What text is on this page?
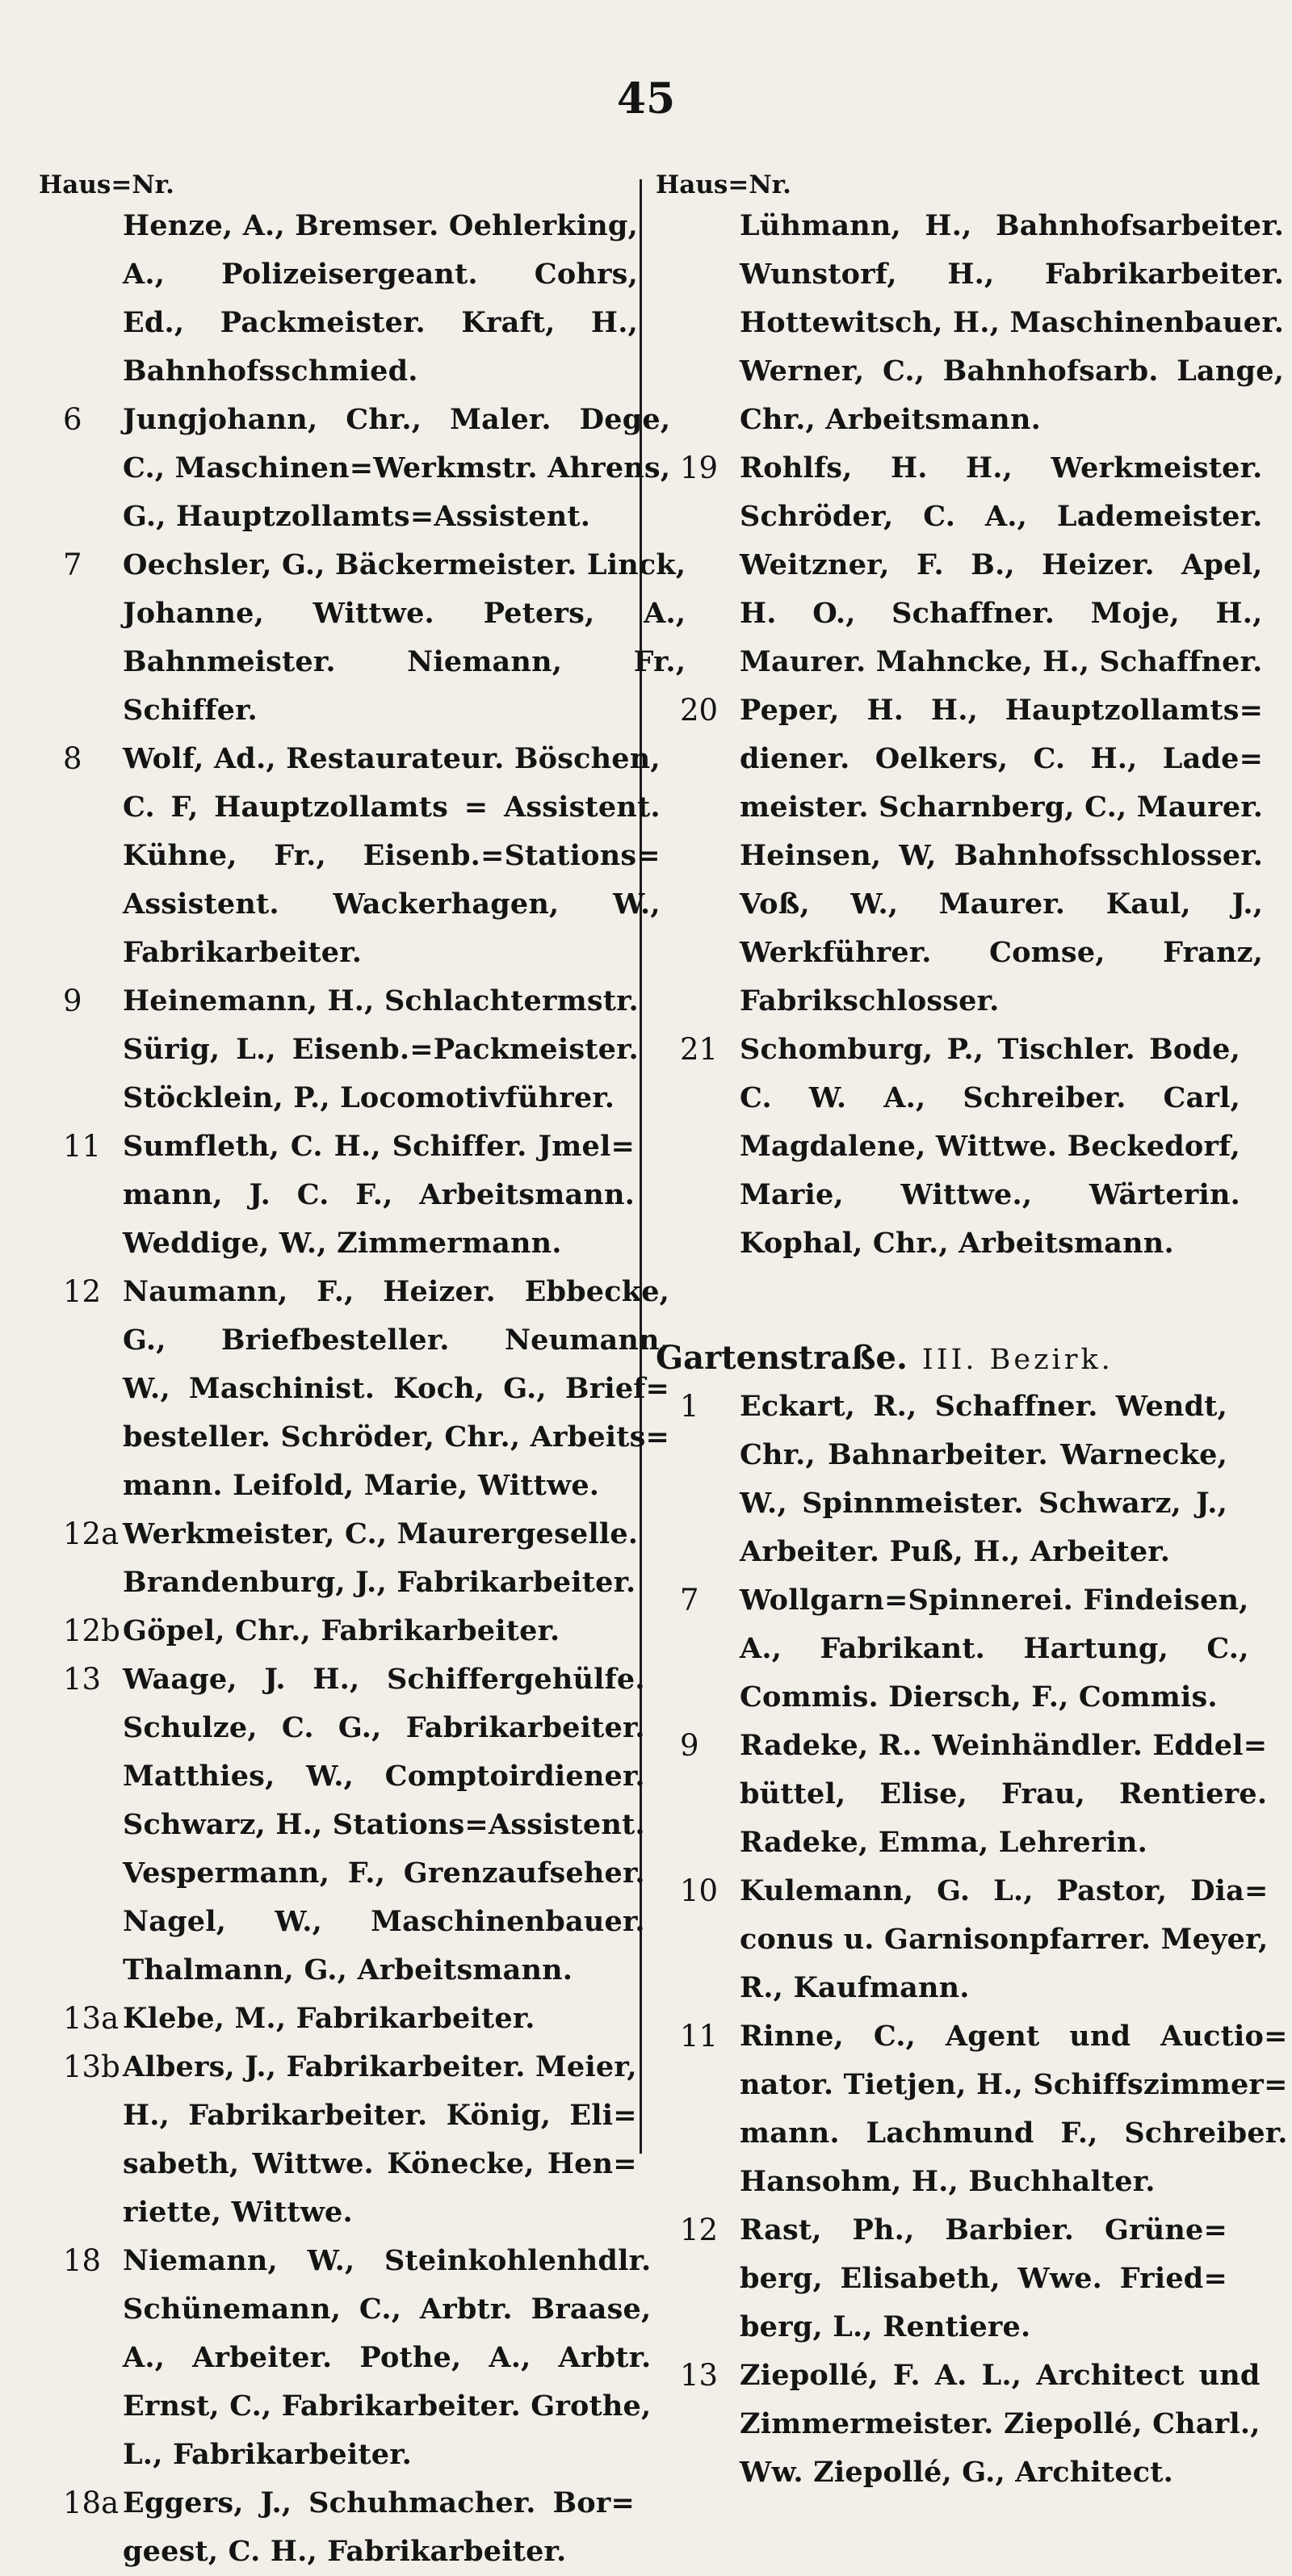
45
Haus=Nr.
Henze, A., Bremser. Oehlerking,
A., Polizeisergeant. Cohrs,
Ed., Packmeister. Kraft, H.,
Bahnhofsschmied.
6	Jungjohann, Chr., Maler. Dege,
C., Maschinen=Werkmstr. Ahrens,
G., Hauptzollamts=Assistent.
7	Oechsler, G., Bäckermeister. Linck,
Johanne, Wittwe. Peters, A.,
Bahnmeister. Niemann, Fr.,
Schiffer.
8	Wolf, Ad., Restaurateur. Böschen,
C. F, Hauptzollamts = Assistent.
Kühne, Fr., Eisenb.=Stations=
Assistent. Wackerhagen, W.,
Fabrikarbeiter.
9	Heinemann, H., Schlachtermstr.
Sürig, L., Eisenb.=Packmeister.
Stöcklein, P., Locomotivführer.
11 Sumfleth, C. H., Schiffer. Jmel=
mann, J. C. F., Arbeitsmann.
Weddige, W., Zimmermann.
12 Naumann, F., Heizer. Ebbecke,
G., Briefbesteller. Neumann,
W., Maschinist. Koch, G., Brief=
besteller. Schröder, Chr., Arbeits=
mann. Leifold, Marie, Wittwe.
12a Werkmeister, C., Maurergeselle.
Brandenburg, J., Fabrikarbeiter.
12b Göpel, Chr., Fabrikarbeiter.
13 Waage, J. H., Schiffergehülfe.
Schulze, C. G., Fabrikarbeiter.
Matthies, W., Comptoirdiener.
Schwarz, H., Stations=Assistent.
Vespermann, F., Grenzaufseher.
Nagel, W., Maschinenbauer.
Thalmann, G., Arbeitsmann.
13a Klebe, M., Fabrikarbeiter.
13b Albers, J., Fabrikarbeiter. Meier,
H., Fabrikarbeiter. König, Eli=
sabeth, Wittwe. Könecke, Hen=
riette, Wittwe.
18 Niemann, W., Steinkohlenhdlr.
Schünemann, C., Arbtr. Braase,
A., Arbeiter. Pothe, A., Arbtr.
Ernst, C., Fabrikarbeiter. Grothe,
L., Fabrikarbeiter.
18a Eggers, J., Schuhmacher. Bor=
geest, C. H., Fabrikarbeiter.
Haus=Nr.
Lühmann, H., Bahnhofsarbeiter.
Wunstorf, H., Fabrikarbeiter.
Hottewitsch, H., Maschinenbauer.
Werner, C., Bahnhofsarb. Lange,
Chr., Arbeitsmann.
19 Rohlfs, H. H., Werkmeister.
Schröder, C. A., Lademeister.
Weitzner, F. B., Heizer. Apel,
H. O., Schaffner. Moje, H.,
Maurer. Mahncke, H., Schaffner.
20 Peper, H. H., Hauptzollamts=
diener. Oelkers, C. H., Lade=
meister. Scharnberg, C., Maurer.
Heinsen, W, Bahnhofsschlosser.
Voß, W., Maurer. Kaul, J.,
Werkführer. Comse, Franz,
Fabrikschlosser.
21 Schomburg, P., Tischler. Bode,
C. W. A., Schreiber. Carl,
Magdalene, Wittwe. Beckedorf,
Marie, Wittwe., Wärterin.
Kophal, Chr., Arbeitsmann.
Gartenstraße. III. Bezirk.
1	Eckart, R., Schaffner. Wendt,
Chr., Bahnarbeiter. Warnecke,
W., Spinnmeister. Schwarz, J.,
Arbeiter. Puß, H., Arbeiter.
7	Wollgarn=Spinnerei. Findeisen,
A., Fabrikant. Hartung, C.,
Commis. Diersch, F., Commis.
9	Radeke, R.. Weinhändler. Eddel=
büttel, Elise, Frau, Rentiere.
Radeke, Emma, Lehrerin.
10 Kulemann, G. L., Pastor, Dia=
conus u. Garnisonpfarrer. Meyer,
R., Kaufmann.
11 Rinne, C., Agent und Auctio=
nator. Tietjen, H., Schiffszimmer=
mann. Lachmund F., Schreiber.
Hansohm, H., Buchhalter.
12 Rast, Ph., Barbier. Grüne=
berg, Elisabeth, Wwe. Fried=
berg, L., Rentiere.
13 Ziepollé, F. A. L., Architect und
Zimmermeister. Ziepollé, Charl.,
Ww. Ziepollé, G., Architect.
